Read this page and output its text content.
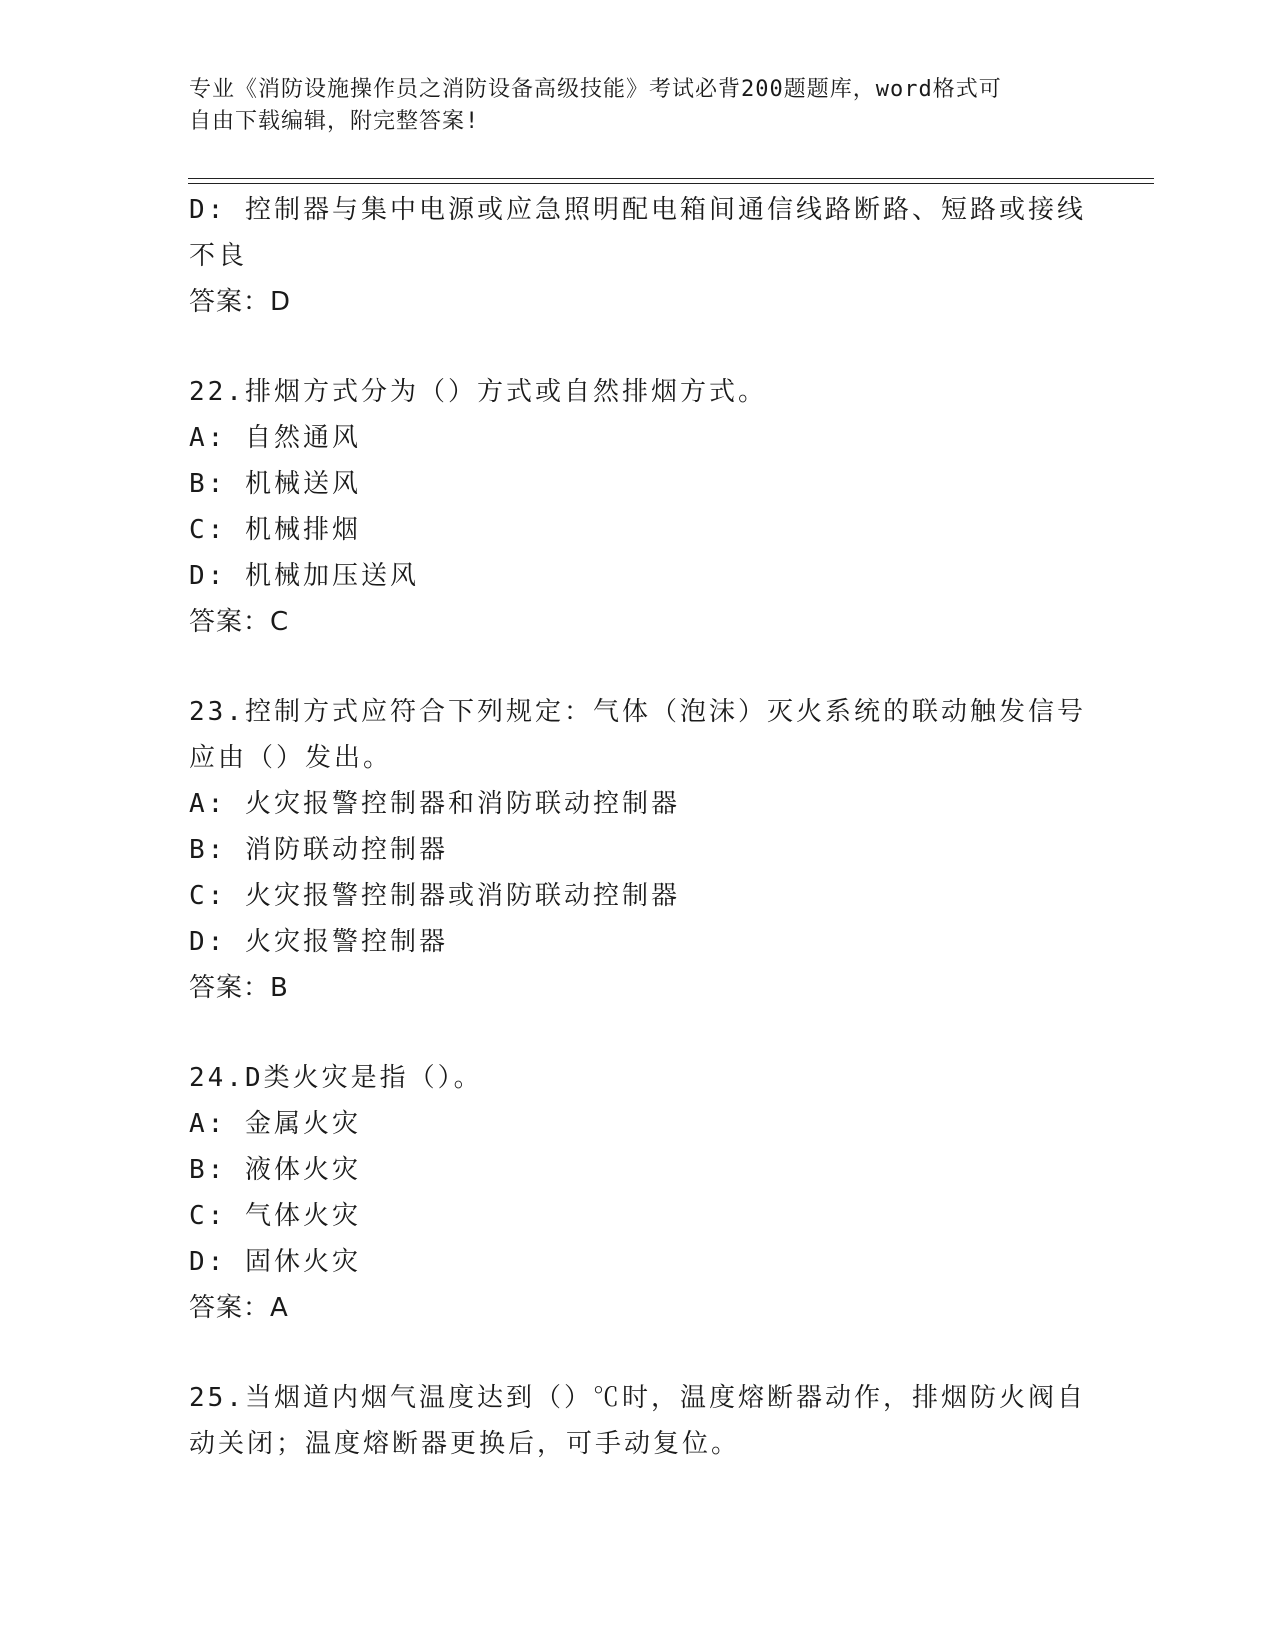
专业《消防设施操作员之消防设备高级技能》考试必背200题题库，word格式可
自由下载编辑，附完整答案!
D: 控制器与集中电源或应急照明配电箱间通信线路断路、短路或接线
不良
答案：D
22.排烟方式分为（）方式或自然排烟方式。
A: 自然通风
B: 机械送风
C: 机械排烟
D: 机械加压送风
答案：C
23.控制方式应符合下列规定：气体（泡沫）灭火系统的联动触发信号
应由（）发出。
A: 火灾报警控制器和消防联动控制器
B: 消防联动控制器
C: 火灾报警控制器或消防联动控制器
D: 火灾报警控制器
答案：B
24.D类火灾是指（）。
A: 金属火灾
B: 液体火灾
C: 气体火灾
D: 固休火灾
答案：A
25.当烟道内烟气温度达到（）℃时，温度熔断器动作，排烟防火阀自
动关闭；温度熔断器更换后，可手动复位。
